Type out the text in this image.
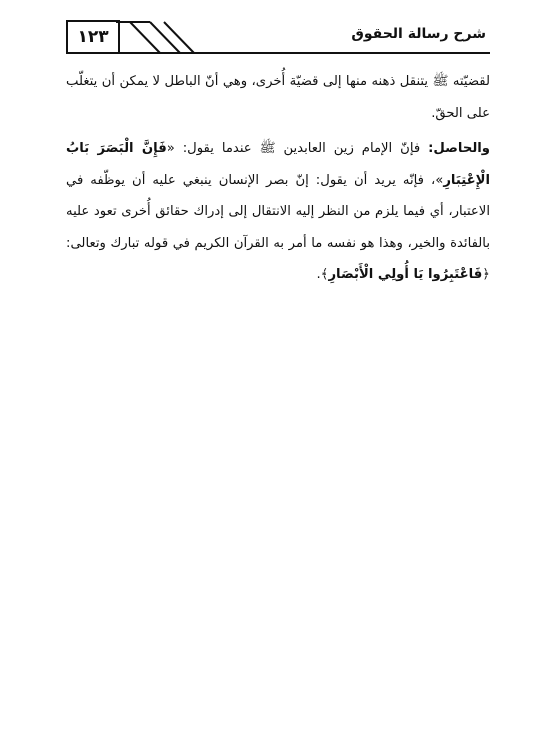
١٢٣	شرح رسالة الحقوق

لقضيّته ﷺ يتنقل ذهنه منها إلى قضيّة أُخرى، وهي أنّ الباطل لا يمكن أن يتغلّب على الحقّ.

والحاصل: فإنّ الإمام زين العابدين ﷺ عندما يقول: «فَإِنَّ الْبَصَرَ بَابُ الْإِعْتِبَارِ»، فإنّه يريد أن يقول: إنّ بصر الإنسان ينبغي عليه أن يوظّفه في الاعتبار، أي فيما يلزم من النظر إليه الانتقال إلى إدراك حقائق أُخرى تعود عليه بالفائدة والخير، وهذا هو نفسه ما أمر به القرآن الكريم في قوله تبارك وتعالى: ﴿فَاعْتَبِرُوا يَا أُولِي الْأَبْصَارِ﴾.
